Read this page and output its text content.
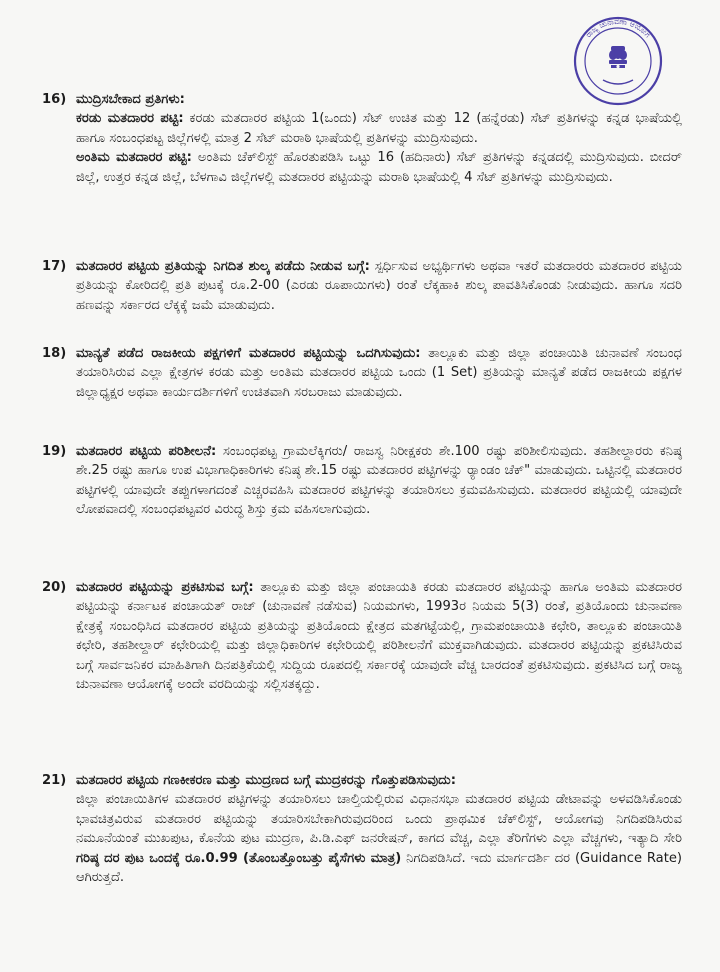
ರಾಜ್ಯ ಚುನಾವಣಾ ಆಯೋಗ
16) ಮುದ್ರಿಸಬೇಕಾದ ಪ್ರತಿಗಳು:

ಕರಡು ಮತದಾರರ ಪಟ್ಟಿ: ಕರಡು ಮತದಾರರ ಪಟ್ಟಿಯ 1(ಒಂದು) ಸೆಟ್ ಉಚಿತ ಮತ್ತು 12 (ಹನ್ನೆರಡು) ಸೆಟ್ ಪ್ರತಿಗಳನ್ನು ಕನ್ನಡ ಭಾಷೆಯಲ್ಲಿ ಹಾಗೂ ಸಂಬಂಧಪಟ್ಟ ಜಿಲ್ಲೆಗಳಲ್ಲಿ ಮಾತ್ರ 2 ಸೆಟ್ ಮರಾಠಿ ಭಾಷೆಯಲ್ಲಿ ಪ್ರತಿಗಳನ್ನು ಮುದ್ರಿಸುವುದು.

ಅಂತಿಮ ಮತದಾರರ ಪಟ್ಟಿ: ಅಂತಿಮ ಚೆಕ್‌ಲಿಸ್ಟ್ ಹೊರತುಪಡಿಸಿ ಒಟ್ಟು 16 (ಹದಿನಾರು) ಸೆಟ್ ಪ್ರತಿಗಳನ್ನು ಕನ್ನಡದಲ್ಲಿ ಮುದ್ರಿಸುವುದು. ಬೀದರ್ ಜಿಲ್ಲೆ, ಉತ್ತರ ಕನ್ನಡ ಜಿಲ್ಲೆ, ಬೆಳಗಾವಿ ಜಿಲ್ಲೆಗಳಲ್ಲಿ ಮತದಾರರ ಪಟ್ಟಿಯನ್ನು ಮರಾಠಿ ಭಾಷೆಯಲ್ಲಿ 4 ಸೆಟ್ ಪ್ರತಿಗಳನ್ನು ಮುದ್ರಿಸುವುದು.

17) ಮತದಾರರ ಪಟ್ಟಿಯ ಪ್ರತಿಯನ್ನು ನಿಗದಿತ ಶುಲ್ಕ ಪಡೆದು ನೀಡುವ ಬಗ್ಗೆ: ಸ್ಪರ್ಧಿಸುವ ಅಭ್ಯರ್ಥಿಗಳು ಅಥವಾ ಇತರೆ ಮತದಾರರು ಮತದಾರರ ಪಟ್ಟಿಯ ಪ್ರತಿಯನ್ನು ಕೋರಿದಲ್ಲಿ ಪ್ರತಿ ಪುಟಕ್ಕೆ ರೂ.2-00 (ಎರಡು ರೂಪಾಯಿಗಳು) ರಂತೆ ಲೆಕ್ಕಹಾಕಿ ಶುಲ್ಕ ಪಾವತಿಸಿಕೊಂಡು ನೀಡುವುದು. ಹಾಗೂ ಸದರಿ ಹಣವನ್ನು ಸರ್ಕಾರದ ಲೆಕ್ಕಕ್ಕೆ ಜಮೆ ಮಾಡುವುದು.

18) ಮಾನ್ಯತೆ ಪಡೆದ ರಾಜಕೀಯ ಪಕ್ಷಗಳಿಗೆ ಮತದಾರರ ಪಟ್ಟಿಯನ್ನು ಒದಗಿಸುವುದು: ತಾಲ್ಲೂಕು ಮತ್ತು ಜಿಲ್ಲಾ ಪಂಚಾಯಿತಿ ಚುನಾವಣೆ ಸಂಬಂಧ ತಯಾರಿಸಿರುವ ಎಲ್ಲಾ ಕ್ಷೇತ್ರಗಳ ಕರಡು ಮತ್ತು ಅಂತಿಮ ಮತದಾರರ ಪಟ್ಟಿಯ ಒಂದು (1 Set) ಪ್ರತಿಯನ್ನು ಮಾನ್ಯತೆ ಪಡೆದ ರಾಜಕೀಯ ಪಕ್ಷಗಳ ಜಿಲ್ಲಾಧ್ಯಕ್ಷರ ಅಥವಾ ಕಾರ್ಯದರ್ಶಿಗಳಿಗೆ ಉಚಿತವಾಗಿ ಸರಬರಾಜು ಮಾಡುವುದು.

19) ಮತದಾರರ ಪಟ್ಟಿಯ ಪರಿಶೀಲನೆ: ಸಂಬಂಧಪಟ್ಟ ಗ್ರಾಮಲೆಕ್ಕಿಗರು/ ರಾಜಸ್ವ ನಿರೀಕ್ಷಕರು ಶೇ.100 ರಷ್ಟು ಪರಿಶೀಲಿಸುವುದು. ತಹಶೀಲ್ದಾರರು ಕನಿಷ್ಠ ಶೇ.25 ರಷ್ಟು ಹಾಗೂ ಉಪ ವಿಭಾಗಾಧಿಕಾರಿಗಳು ಕನಿಷ್ಠ ಶೇ.15 ರಷ್ಟು ಮತದಾರರ ಪಟ್ಟಿಗಳನ್ನು ರ್‍ಯಾಂಡಂ ಚೆಕ್" ಮಾಡುವುದು. ಒಟ್ಟಿನಲ್ಲಿ ಮತದಾರರ ಪಟ್ಟಿಗಳಲ್ಲಿ ಯಾವುದೇ ತಪ್ಪುಗಳಾಗದಂತೆ ಎಚ್ಚರವಹಿಸಿ ಮತದಾರರ ಪಟ್ಟಿಗಳನ್ನು ತಯಾರಿಸಲು ಕ್ರಮವಹಿಸುವುದು. ಮತದಾರರ ಪಟ್ಟಿಯಲ್ಲಿ ಯಾವುದೇ ಲೋಪವಾದಲ್ಲಿ ಸಂಬಂಧಪಟ್ಟವರ ವಿರುದ್ಧ ಶಿಸ್ತು ಕ್ರಮ ವಹಿಸಲಾಗುವುದು.

20) ಮತದಾರರ ಪಟ್ಟಿಯನ್ನು ಪ್ರಕಟಿಸುವ ಬಗ್ಗೆ: ತಾಲ್ಲೂಕು ಮತ್ತು ಜಿಲ್ಲಾ ಪಂಚಾಯತಿ ಕರಡು ಮತದಾರರ ಪಟ್ಟಿಯನ್ನು ಹಾಗೂ ಅಂತಿಮ ಮತದಾರರ ಪಟ್ಟಿಯನ್ನು ಕರ್ನಾಟಕ ಪಂಚಾಯತ್ ರಾಜ್ (ಚುನಾವಣೆ ನಡೆಸುವ) ನಿಯಮಗಳು, 1993ರ ನಿಯಮ 5(3) ರಂತೆ, ಪ್ರತಿಯೊಂದು ಚುನಾವಣಾ ಕ್ಷೇತ್ರಕ್ಕೆ ಸಂಬಂಧಿಸಿದ ಮತದಾರರ ಪಟ್ಟಿಯ ಪ್ರತಿಯನ್ನು ಪ್ರತಿಯೊಂದು ಕ್ಷೇತ್ರದ ಮತಗಟ್ಟೆಯಲ್ಲಿ, ಗ್ರಾಮಪಂಚಾಯಿತಿ ಕಛೇರಿ, ತಾಲ್ಲೂಕು ಪಂಚಾಯಿತಿ ಕಛೇರಿ, ತಹಶೀಲ್ದಾರ್ ಕಛೇರಿಯಲ್ಲಿ ಮತ್ತು ಜಿಲ್ಲಾಧಿಕಾರಿಗಳ ಕಛೇರಿಯಲ್ಲಿ ಪರಿಶೀಲನೆಗೆ ಮುಕ್ತವಾಗಿಡುವುದು. ಮತದಾರರ ಪಟ್ಟಿಯನ್ನು ಪ್ರಕಟಿಸಿರುವ ಬಗ್ಗೆ ಸಾರ್ವಜನಿಕರ ಮಾಹಿತಿಗಾಗಿ ದಿನಪತ್ರಿಕೆಯಲ್ಲಿ ಸುದ್ದಿಯ ರೂಪದಲ್ಲಿ ಸರ್ಕಾರಕ್ಕೆ ಯಾವುದೇ ವೆಚ್ಚ ಬಾರದಂತೆ ಪ್ರಕಟಿಸುವುದು. ಪ್ರಕಟಿಸಿದ ಬಗ್ಗೆ ರಾಜ್ಯ ಚುನಾವಣಾ ಆಯೋಗಕ್ಕೆ ಅಂದೇ ವರದಿಯನ್ನು ಸಲ್ಲಿಸತಕ್ಕದ್ದು.

21) ಮತದಾರರ ಪಟ್ಟಿಯ ಗಣಕೀಕರಣ ಮತ್ತು ಮುದ್ರಣದ ಬಗ್ಗೆ ಮುದ್ರಕರನ್ನು ಗೊತ್ತುಪಡಿಸುವುದು:

ಜಿಲ್ಲಾ ಪಂಚಾಯಿತಿಗಳ ಮತದಾರರ ಪಟ್ಟಿಗಳನ್ನು ತಯಾರಿಸಲು ಚಾಲ್ತಿಯಲ್ಲಿರುವ ವಿಧಾನಸಭಾ ಮತದಾರರ ಪಟ್ಟಿಯ ಡೇಟಾವನ್ನು ಅಳವಡಿಸಿಕೊಂಡು ಭಾವಚಿತ್ರವಿರುವ ಮತದಾರರ ಪಟ್ಟಿಯನ್ನು ತಯಾರಿಸಬೇಕಾಗಿರುವುದರಿಂದ ಒಂದು ಪ್ರಾಥಮಿಕ ಚೆಕ್‌ಲಿಸ್ಟ್, ಆಯೋಗವು ನಿಗದಿಪಡಿಸಿರುವ ನಮೂನೆಯಂತೆ ಮುಖಪುಟ, ಕೊನೆಯ ಪುಟ ಮುದ್ರಣ, ಪಿ.ಡಿ.ಎಫ್ ಜನರೇಷನ್, ಕಾಗದ ವೆಚ್ಚ, ಎಲ್ಲಾ ತೆರಿಗೆಗಳು ಎಲ್ಲಾ ವೆಚ್ಚಗಳು, ಇತ್ಯಾದಿ ಸೇರಿ ಗರಿಷ್ಠ ದರ ಪುಟ ಒಂದಕ್ಕೆ ರೂ.0.99 (ತೊಂಬತ್ತೊಂಬತ್ತು ಪೈಸೆಗಳು ಮಾತ್ರ) ನಿಗದಿಪಡಿಸಿದೆ. ಇದು ಮಾರ್ಗದರ್ಶಿ ದರ (Guidance Rate) ಆಗಿರುತ್ತದೆ.
